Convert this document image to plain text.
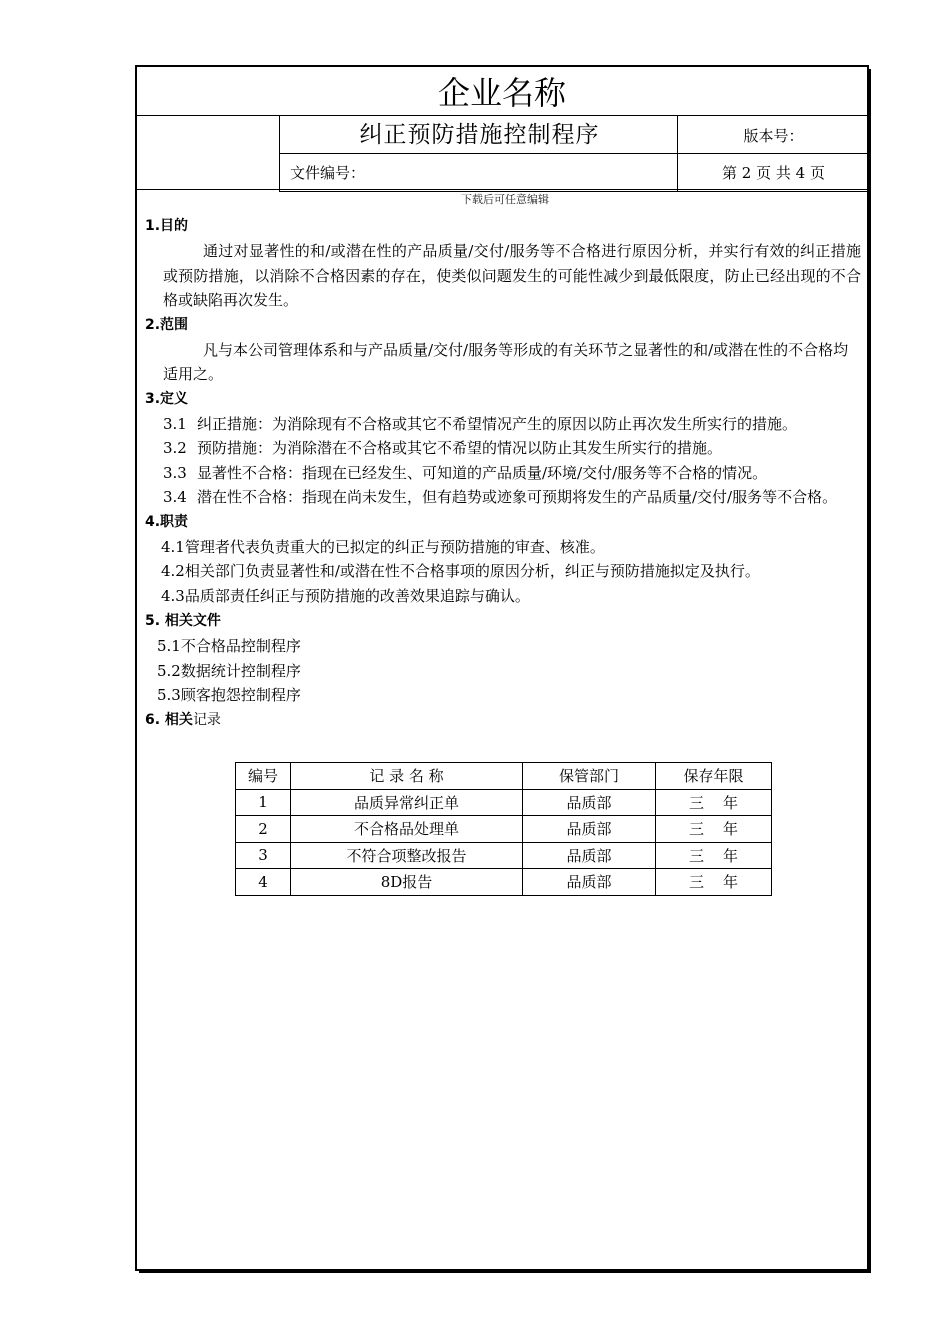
企业名称
纠正预防措施控制程序	版本号：
文件编号：	第 2 页 共 4 页
下载后可任意编辑
1.目的
通过对显著性的和/或潜在性的产品质量/交付/服务等不合格进行原因分析，并实行有效的纠正措施或预防措施，以消除不合格因素的存在，使类似问题发生的可能性减少到最低限度，防止已经出现的不合格或缺陷再次发生。
2.范围
凡与本公司管理体系和与产品质量/交付/服务等形成的有关环节之显著性的和/或潜在性的不合格均适用之。
3.定义
3.1 纠正措施：为消除现有不合格或其它不希望情况产生的原因以防止再次发生所实行的措施。
3.2 预防措施：为消除潜在不合格或其它不希望的情况以防止其发生所实行的措施。
3.3 显著性不合格：指现在已经发生、可知道的产品质量/环境/交付/服务等不合格的情况。
3.4 潜在性不合格：指现在尚未发生，但有趋势或迹象可预期将发生的产品质量/交付/服务等不合格。
4.职责
4.1管理者代表负责重大的已拟定的纠正与预防措施的审查、核准。
4.2相关部门负责显著性和/或潜在性不合格事项的原因分析，纠正与预防措施拟定及执行。
4.3品质部责任纠正与预防措施的改善效果追踪与确认。
5. 相关文件
5.1不合格品控制程序
5.2数据统计控制程序
5.3顾客抱怨控制程序
6. 相关记录
编号	记 录 名 称	保管部门	保存年限
1	品质异常纠正单	品质部	三    年
2	不合格品处理单	品质部	三    年
3	不符合项整改报告	品质部	三    年
4	8D报告	品质部	三    年
